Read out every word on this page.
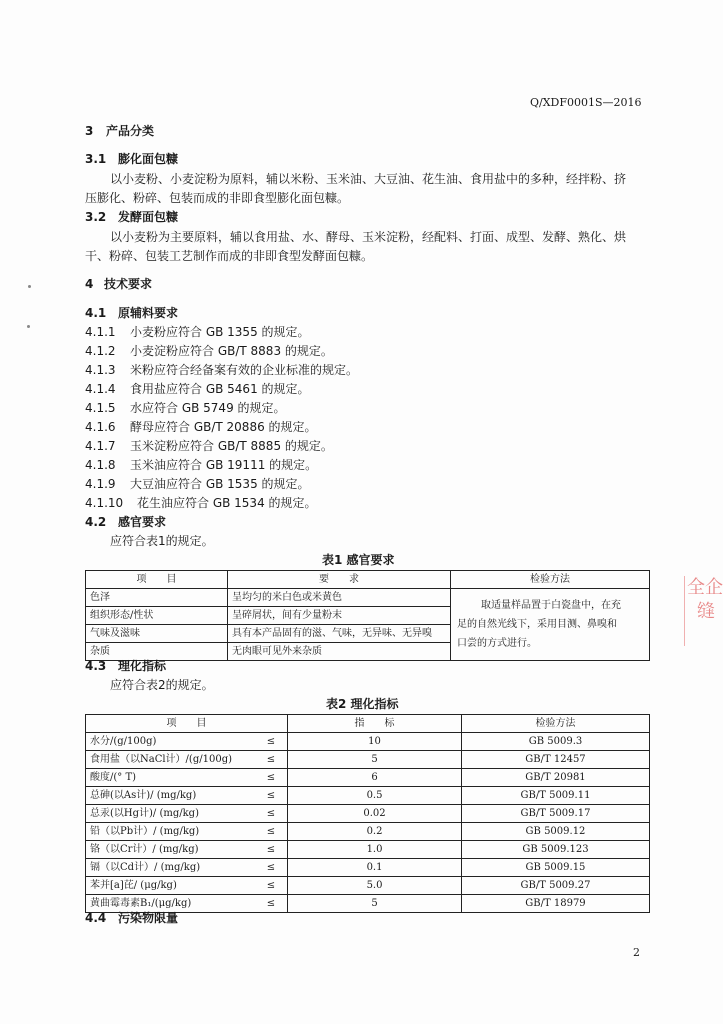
Q/XDF0001S—2016
3 产品分类
3.1 膨化面包糠
以小麦粉、小麦淀粉为原料，辅以米粉、玉米油、大豆油、花生油、食用盐中的多种，经拌粉、挤
压膨化、粉碎、包装而成的非即食型膨化面包糠。
3.2 发酵面包糠
以小麦粉为主要原料，辅以食用盐、水、酵母、玉米淀粉，经配料、打面、成型、发酵、熟化、烘
干、粉碎、包装工艺制作而成的非即食型发酵面包糠。
4 技术要求
4.1 原辅料要求
4.1.1 小麦粉应符合 GB 1355 的规定。
4.1.2 小麦淀粉应符合 GB/T 8883 的规定。
4.1.3 米粉应符合经备案有效的企业标准的规定。
4.1.4 食用盐应符合 GB 5461 的规定。
4.1.5 水应符合 GB 5749 的规定。
4.1.6 酵母应符合 GB/T 20886 的规定。
4.1.7 玉米淀粉应符合 GB/T 8885 的规定。
4.1.8 玉米油应符合 GB 19111 的规定。
4.1.9 大豆油应符合 GB 1535 的规定。
4.1.10 花生油应符合 GB 1534 的规定。
4.2 感官要求
应符合表1的规定。
表1 感官要求
项　　目	要　　求	检验方法
色泽	呈均匀的米白色或米黄色	取适量样品置于白瓷盘中，在充
足的自然光线下，采用目测、鼻嗅和
口尝的方式进行。

组织形态/性状	呈碎屑状，间有少量粉末	
气味及滋味	具有本产品固有的滋、气味，无异味、无异嗅	
杂质	无肉眼可见外来杂质	
4.3 理化指标
应符合表2的规定。
表2 理化指标
项　　目		指　　标	检验方法
水分/(g/100g)	≤	10	GB 5009.3
食用盐（以NaCl计）/(g/100g)	≤	5	GB/T 12457
酸度/(° T)	≤	6	GB/T 20981
总砷(以As计)/ (mg/kg)	≤	0.5	GB/T 5009.11
总汞(以Hg计)/ (mg/kg)	≤	0.02	GB/T 5009.17
铅（以Pb计）/ (mg/kg)	≤	0.2	GB 5009.12
铬（以Cr计）/ (mg/kg)	≤	1.0	GB 5009.123
镉（以Cd计）/ (mg/kg)	≤	0.1	GB 5009.15
苯并[a]芘/ (μg/kg)	≤	5.0	GB/T 5009.27
黄曲霉毒素B₁/(μg/kg)	≤	5	GB/T 18979
4.4 污染物限量
全企
缝
2
